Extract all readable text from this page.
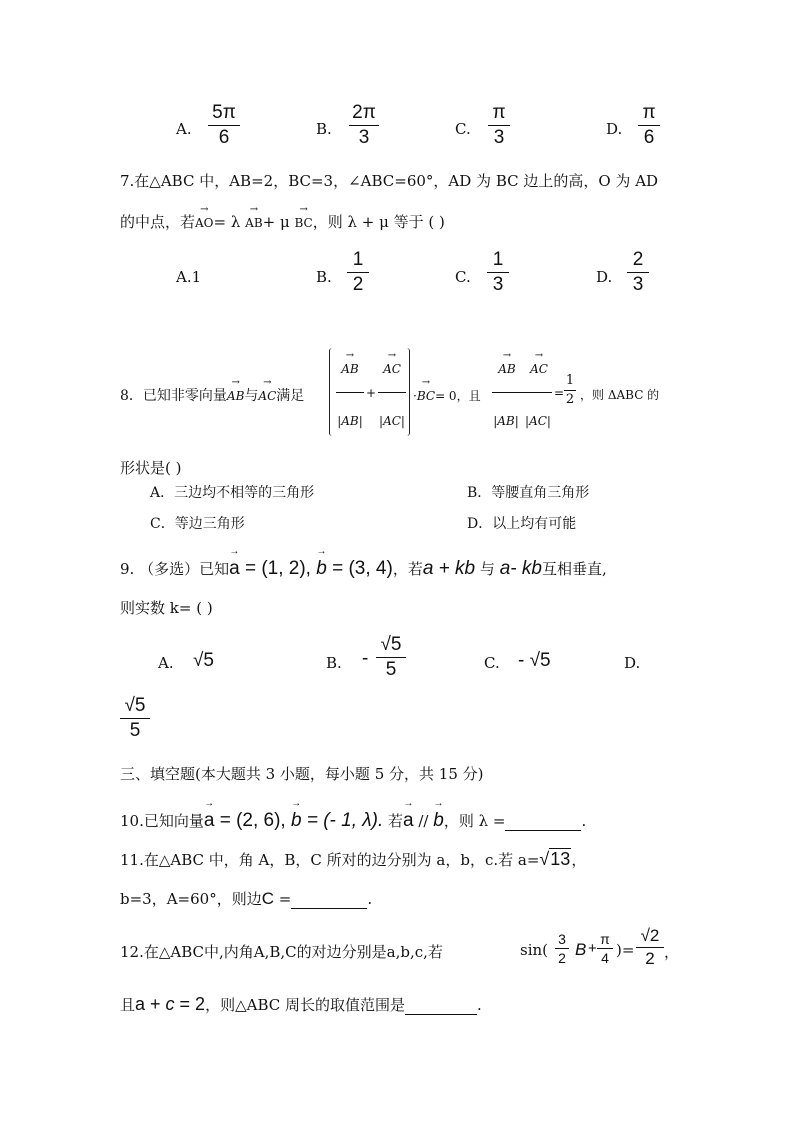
A.
5π
6	B.
2π
3	C.
π
3	D.
π
6
7.在△ABC 中，AB=2，BC=3，∠ABC=60°，AD 为 BC 边上的高，O 为 AD
的中点，若→ AO= λ → AB+ μ → BC，则 λ + μ 等于 ( )
A.1	B.
1
2	C.
1
3	D.
2
3
8．已知非零向量→ AB与→ AC满足
→ AB
|AB|
+
→ AC
|AC|
·→ BC= 0，且
→ AB	→ AC
|AB| |AC|
=
1
2 ，则 ΔABC 的
形状是( )
A．三边均不相等的三角形	B．等腰直角三角形
C．等边三角形	D．以上均有可能
9. （多选）已知→ a = (1, 2), → b = (3, 4)，若a + kb 与 a- kb互相垂直,
则实数 k= ( )
A. √5	B. -
√5
5	C. - √5	D.
√5
5
三、填空题(本大题共 3 小题，每小题 5 分，共 15 分)
10.已知向量→ a = (2, 6), → b = (- 1, λ). 若→ a // → b，则 λ =	.
11.在△ABC 中，角 A，B，C 所对的边分别为 a，b，c.若 a=√13，
b=3，A=60°，则边C =	.
12.在△ABC中,内角A,B,C的对边分别是a,b,c,若	sin(
3
2 B +
π
4 )=
√2
2 ，
且a + c = 2，则△ABC 周长的取值范围是	.
